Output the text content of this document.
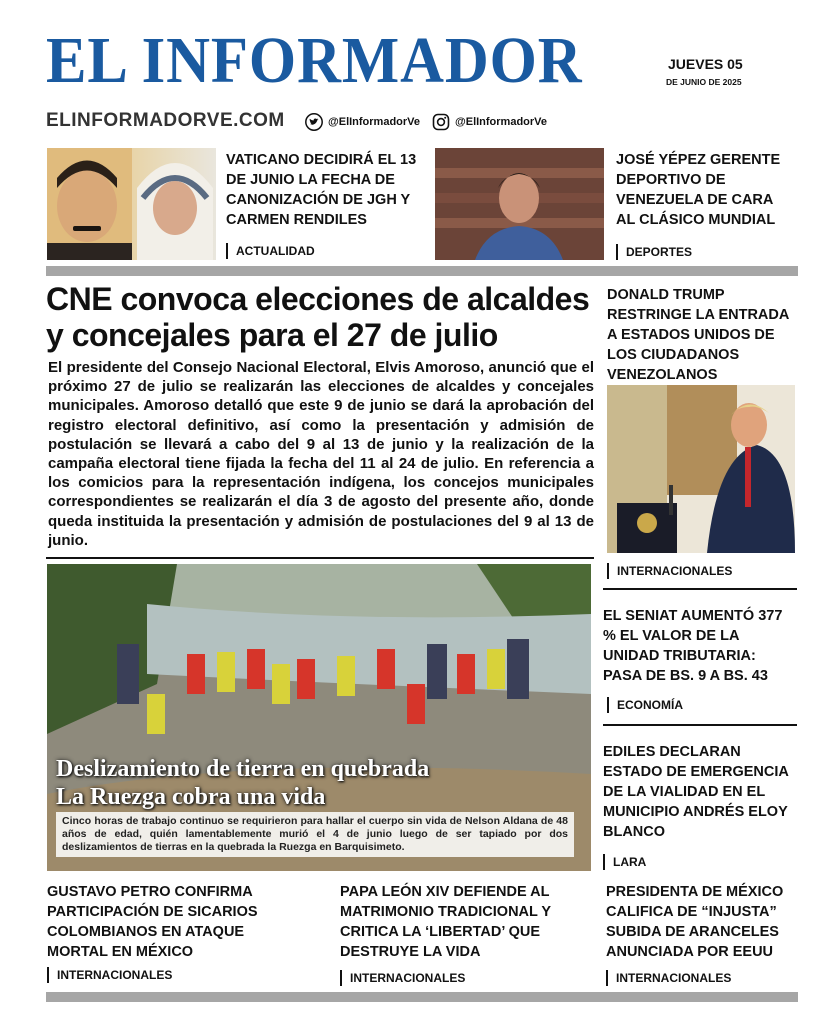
EL INFORMADOR	JUEVES 05
DE JUNIO DE 2025
ELINFORMADORVE.COM	@ElInformadorVe	@ElInformadorVe
VATICANO DECIDIRÁ EL 13 DE JUNIO LA FECHA DE CANONIZACIÓN DE JGH Y CARMEN RENDILES
ACTUALIDAD
JOSÉ YÉPEZ GERENTE DEPORTIVO DE VENEZUELA DE CARA AL CLÁSICO MUNDIAL
DEPORTES
CNE convoca elecciones de alcaldes y concejales para el 27 de julio
El presidente del Consejo Nacional Electoral, Elvis Amoroso, anunció que el próximo 27 de julio se realizarán las elecciones de alcaldes y concejales municipales. Amoroso detalló que este 9 de junio se dará la aprobación del registro electoral definitivo, así como la presentación y admisión de postulación se llevará a cabo del 9 al 13 de junio y la realización de la campaña electoral tiene fijada la fecha del 11 al 24 de julio. En referencia a los comicios para la representación indígena, los concejos municipales correspondientes se realizarán el día 3 de agosto del presente año, donde queda instituida la presentación y admisión de postulaciones del 9 al 13 de junio.
Deslizamiento de tierra en quebrada
La Ruezga cobra una vida
Cinco horas de trabajo continuo se requirieron para hallar el cuerpo sin vida de Nelson Aldana de 48 años de edad, quién lamentablemente murió el 4 de junio luego de ser tapiado por dos deslizamientos de tierras en la quebrada la Ruezga en Barquisimeto.
DONALD TRUMP RESTRINGE LA ENTRADA A ESTADOS UNIDOS DE LOS CIUDADANOS VENEZOLANOS
INTERNACIONALES
EL SENIAT AUMENTÓ 377 % EL VALOR DE LA UNIDAD TRIBUTARIA: PASA DE BS. 9 A BS. 43
ECONOMÍA
EDILES DECLARAN ESTADO DE EMERGENCIA DE LA VIALIDAD EN EL MUNICIPIO ANDRÉS ELOY BLANCO
LARA
GUSTAVO PETRO CONFIRMA PARTICIPACIÓN DE SICARIOS COLOMBIANOS EN ATAQUE MORTAL EN MÉXICO
INTERNACIONALES
PAPA LEÓN XIV DEFIENDE AL MATRIMONIO TRADICIONAL Y CRITICA LA ‘LIBERTAD’ QUE DESTRUYE LA VIDA
INTERNACIONALES
PRESIDENTA DE MÉXICO CALIFICA DE “INJUSTA” SUBIDA DE ARANCELES ANUNCIADA POR EEUU
INTERNACIONALES
